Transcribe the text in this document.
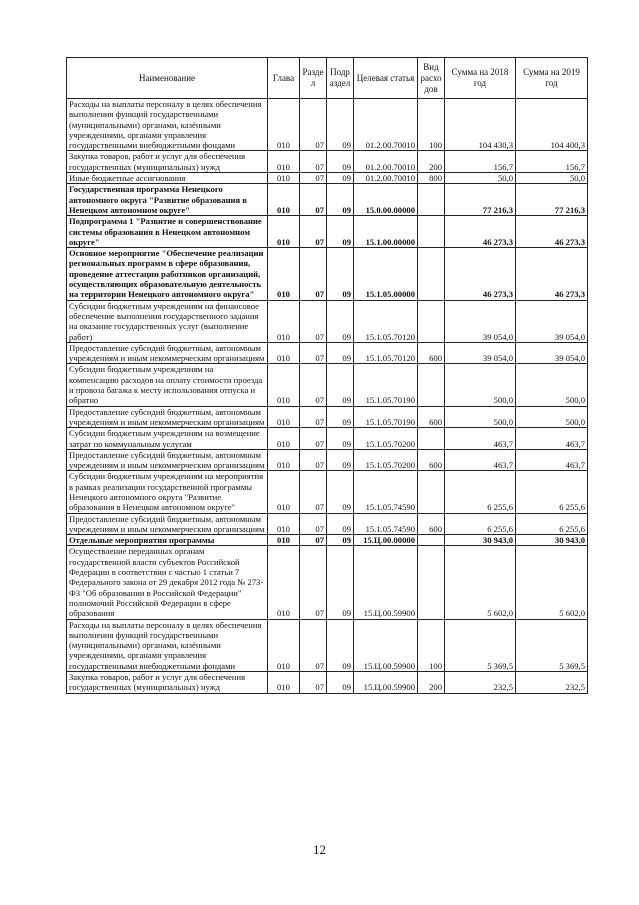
Наименование	Глава	Разде л	Подр аздел	Целевая статья	Вид расхо дов	Сумма на 2018 год	Сумма на 2019 год
Расходы на выплаты персоналу в целях обеспечения выполнения функций государственными (муниципальными) органами, казёнными учреждениями, органами управления государственными внебюджетными фондами	010	07	09	01.2.00.70010	100	104 430,3	104 400,3
Закупка товаров, работ и услуг для обеспечения государственных (муниципальных) нужд	010	07	09	01.2.00.70010	200	156,7	156,7
Иные бюджетные ассигнования	010	07	09	01.2.00.70010	800	50,0	50,0
Государственная программа Ненецкого автономного округа "Развитие образования в Ненецком автономном округе"	010	07	09	15.0.00.00000		77 216,3	77 216,3
Подпрограмма 1 "Развитие и совершенствование системы образования в Ненецком автономном округе"	010	07	09	15.1.00.00000		46 273,3	46 273,3
Основное мероприятие "Обеспечение реализации региональных программ в сфере образования, проведение аттестации работников организаций, осуществляющих образовательную деятельность на территории Ненецкого автономного округа"	010	07	09	15.1.05.00000		46 273,3	46 273,3
Субсидии бюджетным учреждениям на финансовое обеспечение выполнения государственного задания на оказание государственных услуг (выполнение работ)	010	07	09	15.1.05.70120		39 054,0	39 054,0
Предоставление субсидий бюджетным, автономным учреждениям и иным некоммерческим организациям	010	07	09	15.1.05.70120	600	39 054,0	39 054,0
Субсидии бюджетным учреждениям на компенсацию расходов на оплату стоимости проезда и провоза багажа к месту использования отпуска и обратно	010	07	09	15.1.05.70190		500,0	500,0
Предоставление субсидий бюджетным, автономным учреждениям и иным некоммерческим организациям	010	07	09	15.1.05.70190	600	500,0	500,0
Субсидии бюджетным учреждениям на возмещение затрат по коммунальным услугам	010	07	09	15.1.05.70200		463,7	463,7
Предоставление субсидий бюджетным, автономным учреждениям и иным некоммерческим организациям	010	07	09	15.1.05.70200	600	463,7	463,7
Субсидии бюджетным учреждениям на мероприятия в рамках реализации государственной программы Ненецкого автономного округа "Развитие образования в Ненецком автономном округе"	010	07	09	15.1.05.74590		6 255,6	6 255,6
Предоставление субсидий бюджетным, автономным учреждениям и иным некоммерческим организациям	010	07	09	15.1.05.74590	600	6 255,6	6 255,6
Отдельные мероприятия программы	010	07	09	15.Ц.00.00000		30 943,0	30 943,0
Осуществление переданных органам государственной власти субъектов Российской Федерации в соответствии с частью 1 статьи 7 Федерального закона от 29 декабря 2012 года № 273-ФЗ "Об образовании в Российской Федерации" полномочий Российской Федерации в сфере образования	010	07	09	15.Ц.00.59900		5 602,0	5 602,0
Расходы на выплаты персоналу в целях обеспечения выполнения функций государственными (муниципальными) органами, казёнными учреждениями, органами управления государственными внебюджетными фондами	010	07	09	15.Ц.00.59900	100	5 369,5	5 369,5
Закупка товаров, работ и услуг для обеспечения государственных (муниципальных) нужд	010	07	09	15.Ц.00.59900	200	232,5	232,5
12
